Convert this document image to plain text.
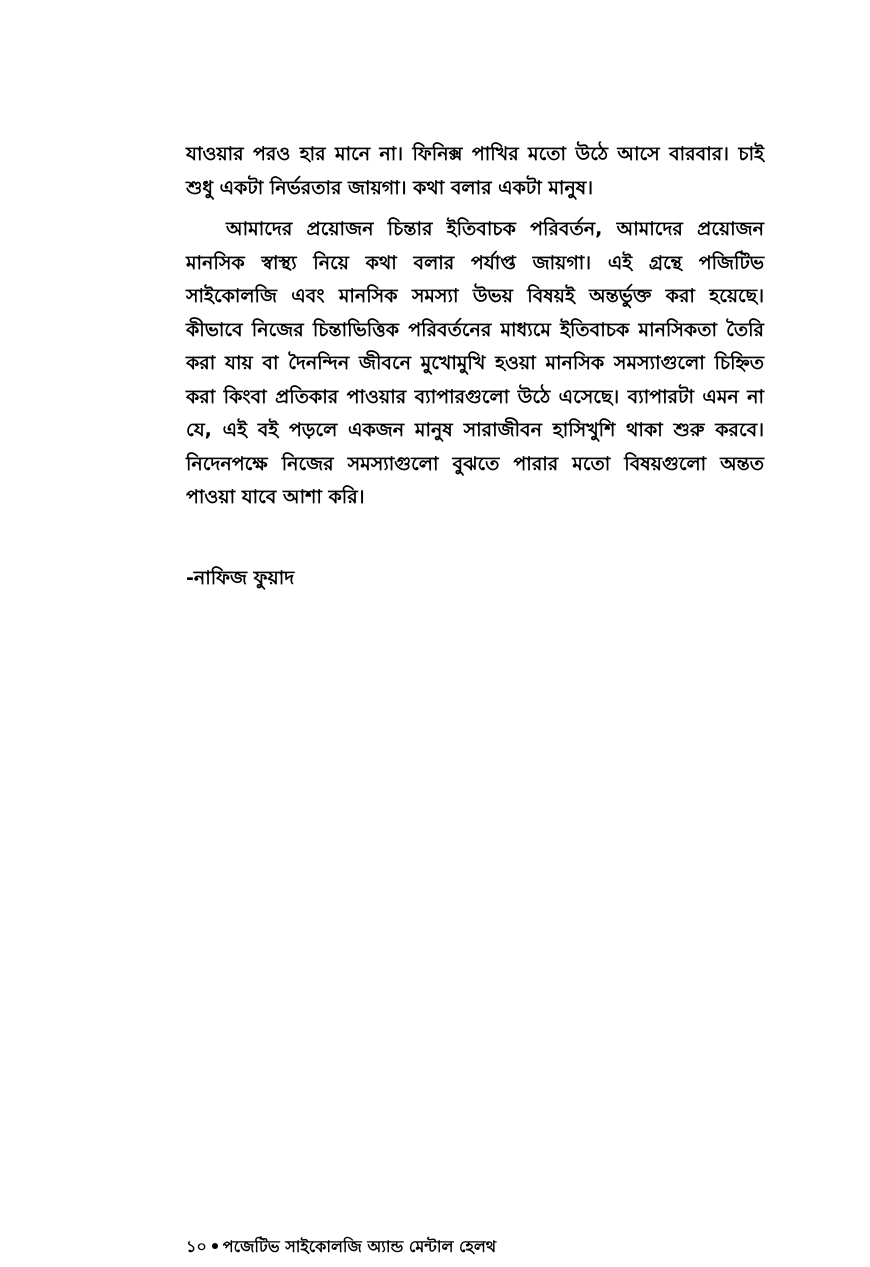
যাওয়ার পরও হার মানে না। ফিনিক্স পাখির মতো উঠে আসে বারবার। চাই শুধু একটা নির্ভরতার জায়গা। কথা বলার একটা মানুষ।

আমাদের প্রয়োজন চিন্তার ইতিবাচক পরিবর্তন, আমাদের প্রয়োজন মানসিক স্বাস্থ্য নিয়ে কথা বলার পর্যাপ্ত জায়গা। এই গ্রন্থে পজিটিভ সাইকোলজি এবং মানসিক সমস্যা উভয় বিষয়ই অন্তর্ভুক্ত করা হয়েছে। কীভাবে নিজের চিন্তাভিত্তিক পরিবর্তনের মাধ্যমে ইতিবাচক মানসিকতা তৈরি করা যায় বা দৈনন্দিন জীবনে মুখোমুখি হওয়া মানসিক সমস্যাগুলো চিহ্নিত করা কিংবা প্রতিকার পাওয়ার ব্যাপারগুলো উঠে এসেছে। ব্যাপারটা এমন না যে, এই বই পড়লে একজন মানুষ সারাজীবন হাসিখুশি থাকা শুরু করবে। নিদেনপক্ষে নিজের সমস্যাগুলো বুঝতে পারার মতো বিষয়গুলো অন্তত পাওয়া যাবে আশা করি।

-নাফিজ ফুয়াদ
১০ পজেটিভ সাইকোলজি অ্যান্ড মেন্টাল হেলথ
